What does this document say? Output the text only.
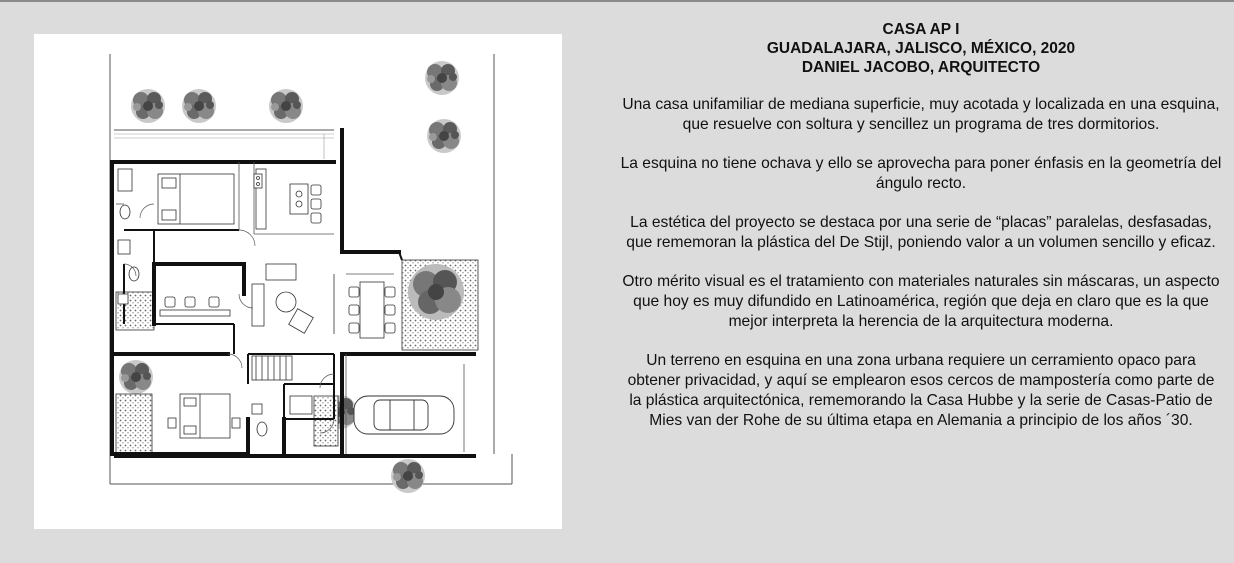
CASA AP I

GUADALAJARA, JALISCO, MÉXICO, 2020

DANIEL JACOBO, ARQUITECTO

Una casa unifamiliar de mediana superficie, muy acotada y localizada en una esquina, que resuelve con soltura y sencillez un programa de tres dormitorios.

La esquina no tiene ochava y ello se aprovecha para poner énfasis en la geometría del ángulo recto.

La estética del proyecto se destaca por una serie de “placas” paralelas, desfasadas, que rememoran la plástica del De Stijl, poniendo valor a un volumen sencillo y eficaz.

Otro mérito visual es el tratamiento con materiales naturales sin máscaras, un aspecto que hoy es muy difundido en Latinoamérica, región que deja en claro que es la que mejor interpreta la herencia de la arquitectura moderna.

Un terreno en esquina en una zona urbana requiere un cerramiento opaco para obtener privacidad, y aquí se emplearon esos cercos de mampostería como parte de la plástica arquitectónica, rememorando la Casa Hubbe y la serie de Casas-Patio de Mies van der Rohe de su última etapa en Alemania a principio de los años ´30.
